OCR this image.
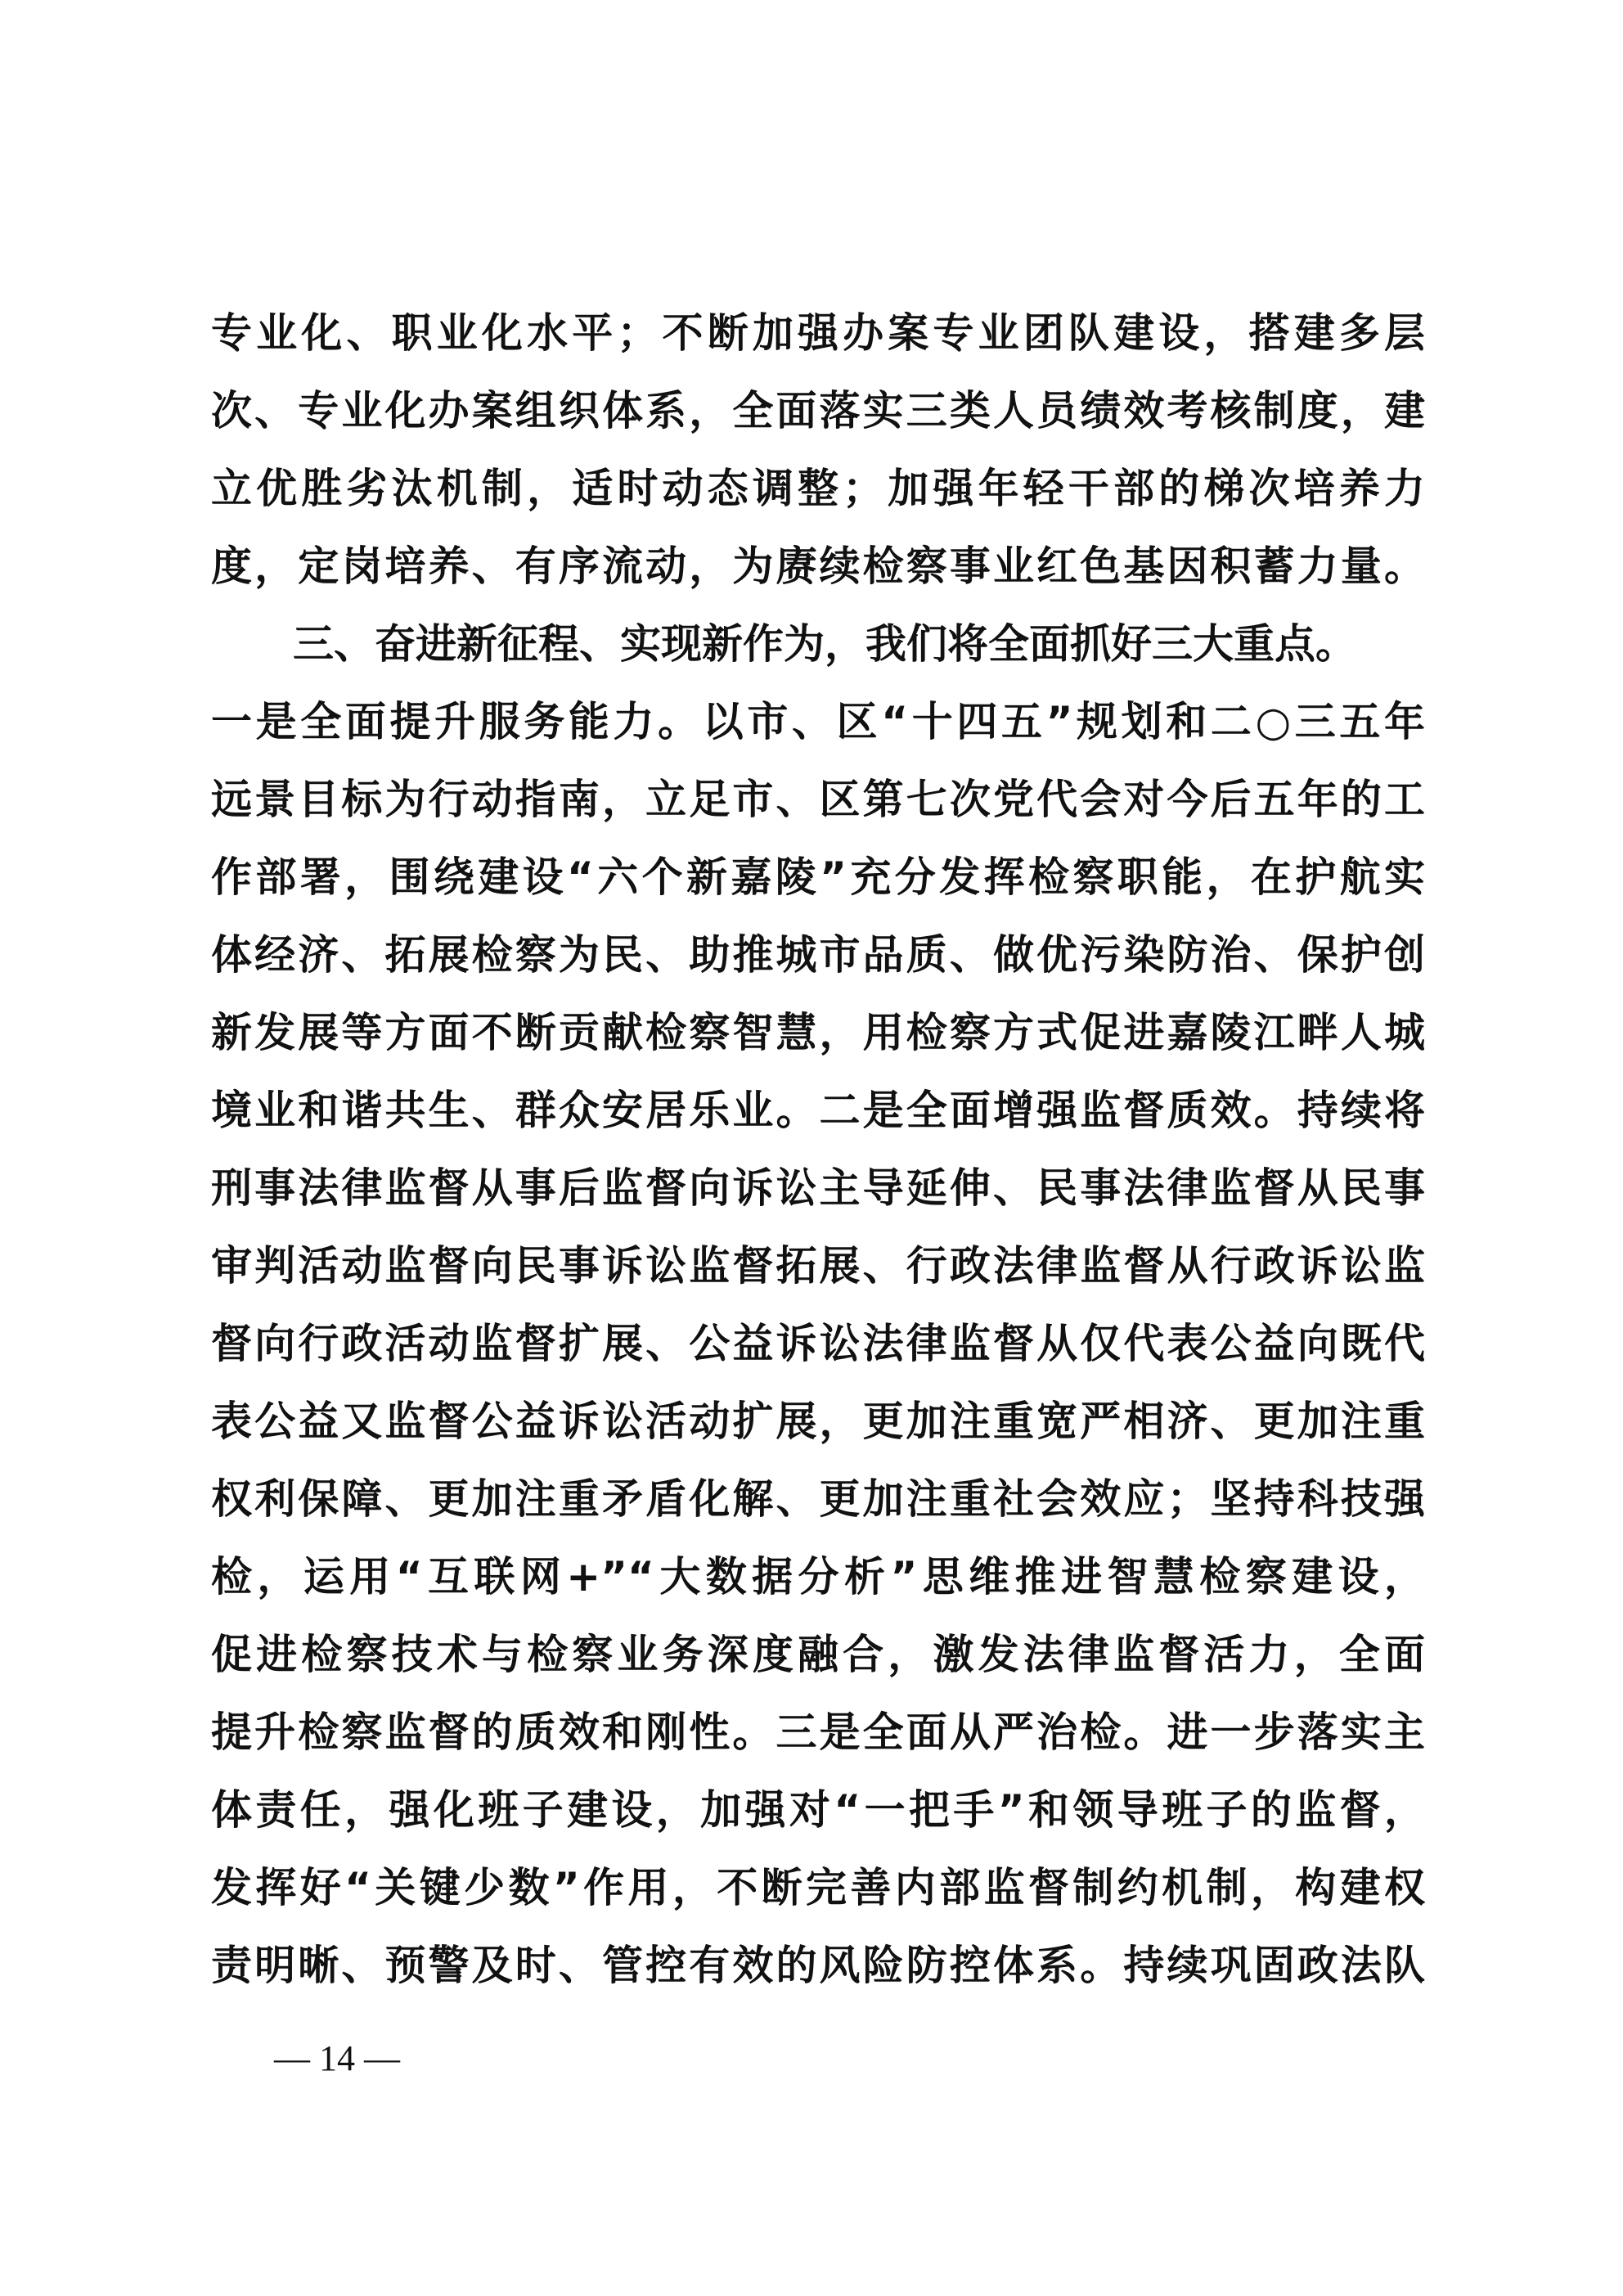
专业化、职业化水平；不断加强办案专业团队建设，搭建多层
次、专业化办案组织体系，全面落实三类人员绩效考核制度，建
立优胜劣汰机制，适时动态调整；加强年轻干部的梯次培养力
度，定岗培养、有序流动，为赓续检察事业红色基因积蓄力量。
三、奋进新征程、实现新作为，我们将全面抓好三大重点。
一是全面提升服务能力。以市、区“十四五”规划和二○三五年
远景目标为行动指南，立足市、区第七次党代会对今后五年的工
作部署，围绕建设“六个新嘉陵”充分发挥检察职能，在护航实
体经济、拓展检察为民、助推城市品质、做优污染防治、保护创
新发展等方面不断贡献检察智慧，用检察方式促进嘉陵江畔人城
境业和谐共生、群众安居乐业。二是全面增强监督质效。持续将
刑事法律监督从事后监督向诉讼主导延伸、民事法律监督从民事
审判活动监督向民事诉讼监督拓展、行政法律监督从行政诉讼监
督向行政活动监督扩展、公益诉讼法律监督从仅代表公益向既代
表公益又监督公益诉讼活动扩展，更加注重宽严相济、更加注重
权利保障、更加注重矛盾化解、更加注重社会效应；坚持科技强
检，运用“互联网+”“大数据分析”思维推进智慧检察建设，
促进检察技术与检察业务深度融合，激发法律监督活力，全面
提升检察监督的质效和刚性。三是全面从严治检。进一步落实主
体责任，强化班子建设，加强对“一把手”和领导班子的监督，
发挥好“关键少数”作用，不断完善内部监督制约机制，构建权
责明晰、预警及时、管控有效的风险防控体系。持续巩固政法队
— 14 —
